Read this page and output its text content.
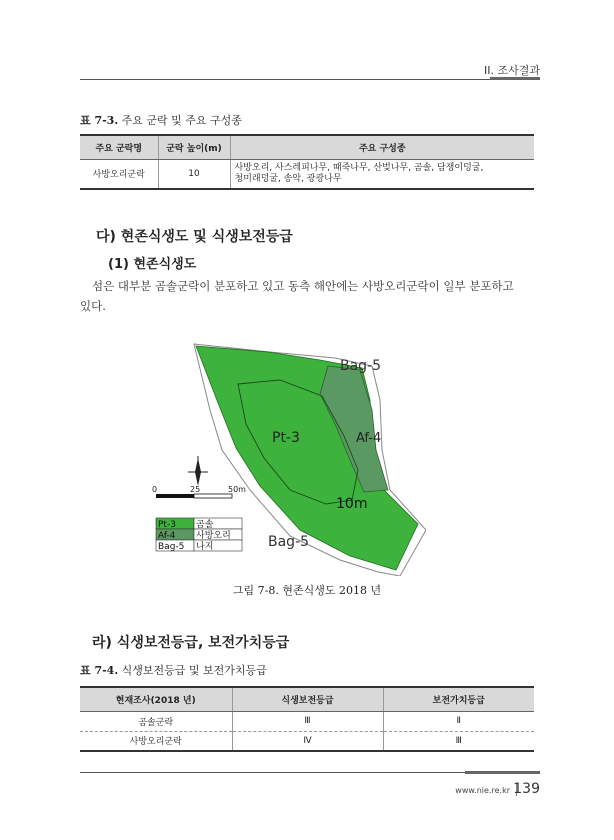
II. 조사결과
표 7-3. 주요 군락 및 주요 구성종
주요 군락명	군락 높이(m)	주요 구성종
사방오리군락	10	사방오리, 사스레피나무, 때죽나무, 산벚나무, 곰솔, 담쟁이덩굴,
청미래덩굴, 송악, 광광나무
다) 현존식생도 및 식생보전등급
(1) 현존식생도
섬은 대부분 곰솔군락이 분포하고 있고 동측 해안에는 사방오리군락이 일부 분포하고
있다.
Bag-5
Pt-3	Af-4
10m
Bag-5
0	25	50m
Pt-3 곰솔
Af-4 사방오리
Bag-5 나지
그림 7-8. 현존식생도 2018 년
라) 식생보전등급, 보전가치등급
표 7-4. 식생보전등급 및 보전가치등급
현재조사(2018 년)	식생보전등급	보전가치등급
곰솔군락	Ⅲ	Ⅱ
사방오리군락	Ⅳ	Ⅲ
www.nie.re.kr 139
